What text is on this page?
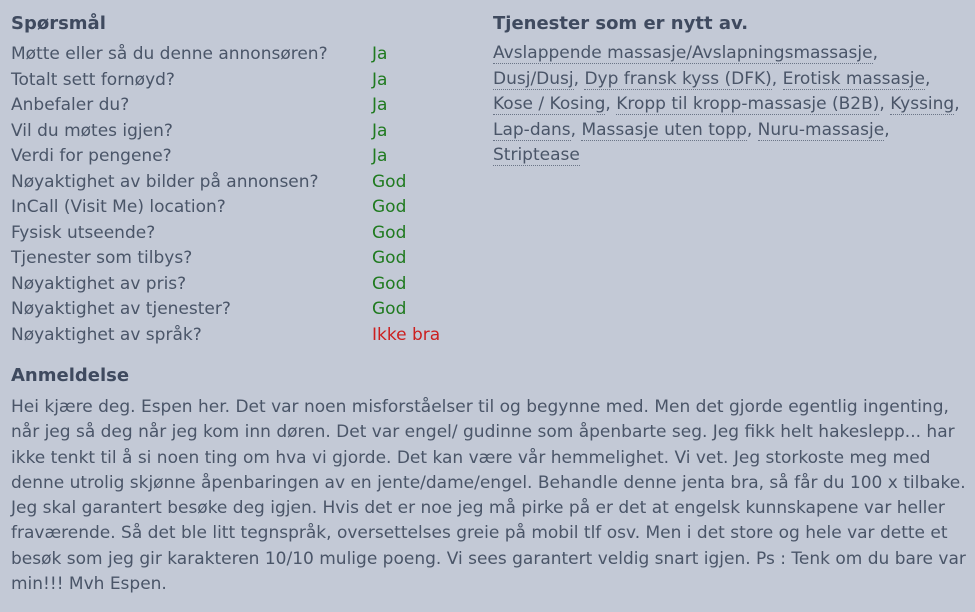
Spørsmål	Tjenester som er nytt av.
Møtte eller så du denne annonsøren?	Ja
Totalt sett fornøyd?	Ja
Anbefaler du?	Ja
Vil du møtes igjen?	Ja
Verdi for pengene?	Ja
Nøyaktighet av bilder på annonsen?	God
InCall (Visit Me) location?	God
Fysisk utseende?	God
Tjenester som tilbys?	God
Nøyaktighet av pris?	God
Nøyaktighet av tjenester?	God
Nøyaktighet av språk?	Ikke bra
Avslappende massasje/Avslapningsmassasje, Dusj/Dusj, Dyp fransk kyss (DFK), Erotisk massasje, Kose / Kosing, Kropp til kropp-massasje (B2B), Kyssing, Lap-dans, Massasje uten topp, Nuru-massasje, Striptease
Anmeldelse
Hei kjære deg. Espen her. Det var noen misforståelser til og begynne med. Men det gjorde egentlig ingenting, når jeg så deg når jeg kom inn døren. Det var engel/ gudinne som åpenbarte seg. Jeg fikk helt hakeslepp... har ikke tenkt til å si noen ting om hva vi gjorde. Det kan være vår hemmelighet. Vi vet. Jeg storkoste meg med denne utrolig skjønne åpenbaringen av en jente/dame/engel. Behandle denne jenta bra, så får du 100 x tilbake. Jeg skal garantert besøke deg igjen. Hvis det er noe jeg må pirke på er det at engelsk kunnskapene var heller fraværende. Så det ble litt tegnspråk, oversettelses greie på mobil tlf osv. Men i det store og hele var dette et besøk som jeg gir karakteren 10/10 mulige poeng. Vi sees garantert veldig snart igjen. Ps : Tenk om du bare var min!!! Mvh Espen.
